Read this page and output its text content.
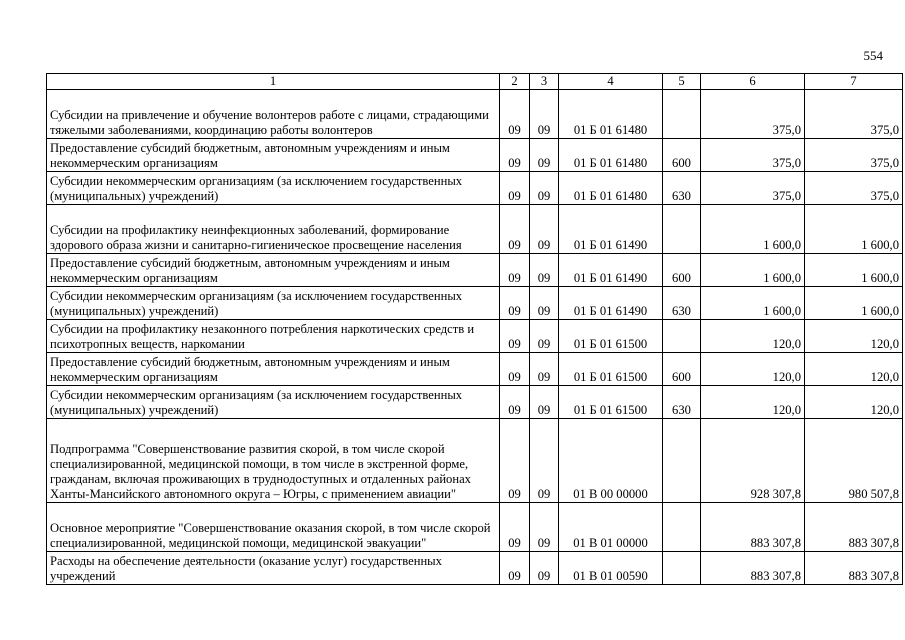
554
1	2	3	4	5	6	7
Субсидии на привлечение и обучение волонтеров работе с лицами, страдающими тяжелыми заболеваниями, координацию работы волонтеров	09	09	01 Б 01 61480		375,0	375,0
Предоставление субсидий бюджетным, автономным учреждениям и иным некоммерческим организациям	09	09	01 Б 01 61480	600	375,0	375,0
Субсидии некоммерческим организациям (за исключением государственных (муниципальных) учреждений)	09	09	01 Б 01 61480	630	375,0	375,0
Субсидии на профилактику неинфекционных заболеваний, формирование здорового образа жизни и санитарно-гигиеническое просвещение населения	09	09	01 Б 01 61490		1 600,0	1 600,0
Предоставление субсидий бюджетным, автономным учреждениям и иным некоммерческим организациям	09	09	01 Б 01 61490	600	1 600,0	1 600,0
Субсидии некоммерческим организациям (за исключением государственных (муниципальных) учреждений)	09	09	01 Б 01 61490	630	1 600,0	1 600,0
Субсидии на профилактику незаконного потребления наркотических средств и психотропных веществ, наркомании	09	09	01 Б 01 61500		120,0	120,0
Предоставление субсидий бюджетным, автономным учреждениям и иным некоммерческим организациям	09	09	01 Б 01 61500	600	120,0	120,0
Субсидии некоммерческим организациям (за исключением государственных (муниципальных) учреждений)	09	09	01 Б 01 61500	630	120,0	120,0
Подпрограмма "Совершенствование развития скорой, в том числе скорой специализированной, медицинской помощи, в том числе в экстренной форме, гражданам, включая проживающих в труднодоступных и отдаленных районах Ханты-Мансийского автономного округа – Югры, с применением авиации"	09	09	01 В 00 00000		928 307,8	980 507,8
Основное мероприятие "Совершенствование оказания скорой, в том числе скорой специализированной, медицинской помощи, медицинской эвакуации"	09	09	01 В 01 00000		883 307,8	883 307,8
Расходы на обеспечение деятельности (оказание услуг) государственных учреждений	09	09	01 В 01 00590		883 307,8	883 307,8
